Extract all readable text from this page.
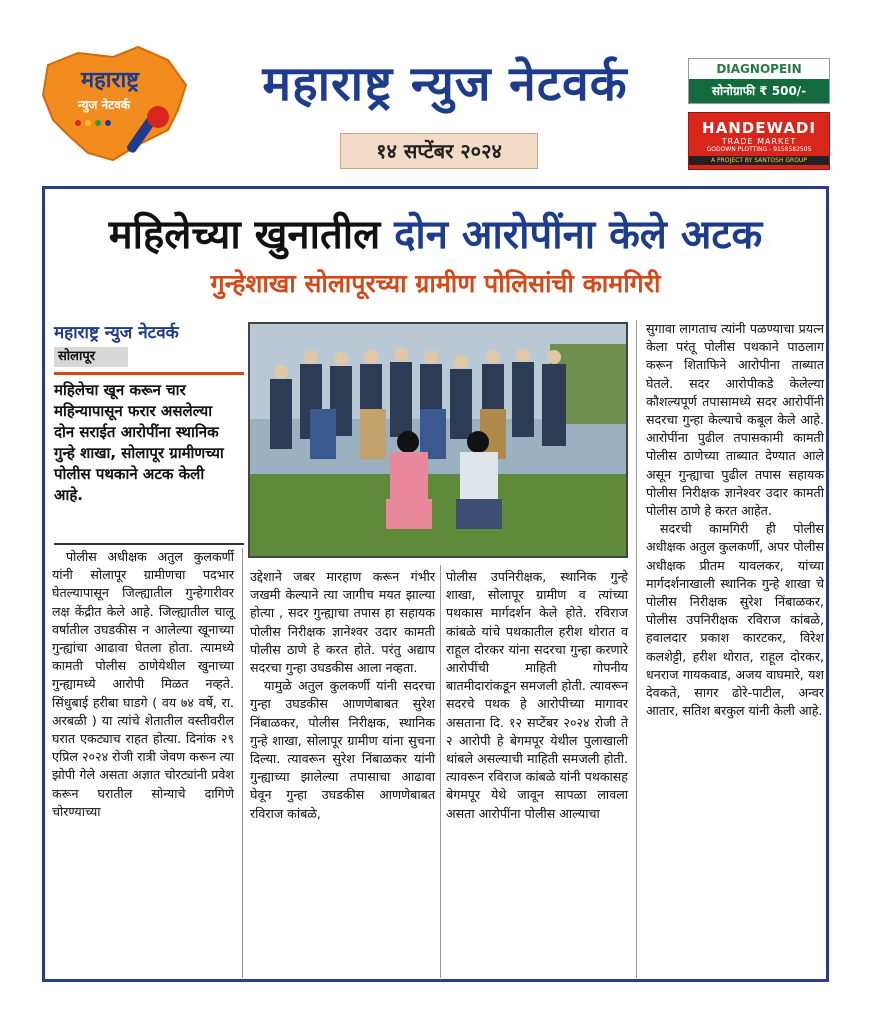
महाराष्ट्र
न्युज नेटवर्क	महाराष्ट्र न्युज नेटवर्क
१४ सप्टेंबर २०२४
DIAGNOPEIN
सोनोग्राफी ₹ 500/-
HANDEWADI
TRADE MARKET
GODOWN PLOTTING - 9158582505
A PROJECT BY SANTOSH GROUP
महिलेच्या खुनातील दोन आरोपींना केले अटक
गुन्हेशाखा सोलापूरच्या ग्रामीण पोलिसांची कामगिरी
महाराष्ट्र न्युज नेटवर्क
सोलापूर
महिलेचा खून करून चार महिन्यापासून फरार असलेल्या दोन सराईत आरोपींना स्थानिक गुन्हे शाखा, सोलापूर ग्रामीणच्या पोलीस पथकाने अटक केली आहे.

पोलीस अधीक्षक अतुल कुलकर्णी यांनी सोलापूर ग्रामीणचा पदभार घेतल्यापासून जिल्ह्यातील गुन्हेगारीवर लक्ष केंद्रीत केले आहे. जिल्ह्यातील चालू वर्षातील उघडकीस न आलेल्या खूनाच्या गुन्ह्यांचा आढावा घेतला होता. त्यामध्ये कामती पोलीस ठाणेयेथील खुनाच्या गुन्ह्यामध्ये आरोपी मिळत नव्हते. सिंधुबाई हरीबा घाडगे ( वय ७४ वर्षे, रा. अरबळी ) या त्यांचे शेतातील वस्तीवरील घरात एकट्याच राहत होत्या. दिनांक २९ एप्रिल २०२४ रोजी रात्री जेवण करून त्या झोपी गेले असता अज्ञात चोरट्यांनी प्रवेश करून घरातील सोन्याचे दागिणे चोरण्याच्या

उद्देशाने जबर मारहाण करून गंभीर जखमी केल्याने त्या जागीच मयत झाल्या होत्या , सदर गुन्ह्याचा तपास हा सहायक पोलीस निरीक्षक ज्ञानेश्वर उदार कामती पोलीस ठाणे हे करत होते. परंतु अद्याप सदरचा गुन्हा उघडकीस आला नव्हता.

यामुळे अतुल कुलकर्णी यांनी सदरचा गुन्हा उघडकीस आणणेबाबत सुरेश निंबाळकर, पोलीस निरीक्षक, स्थानिक गुन्हे शाखा, सोलापूर ग्रामीण यांना सुचना दिल्या. त्यावरून सुरेश निंबाळकर यांनी गुन्ह्याच्या झालेल्या तपासाचा आढावा घेवून गुन्हा उघडकीस आणणेबाबत रविराज कांबळे,

पोलीस उपनिरीक्षक, स्थानिक गुन्हे शाखा, सोलापूर ग्रामीण व त्यांच्या पथकास मार्गदर्शन केले होते. रविराज कांबळे यांचे पथकातील हरीश थोरात व राहूल दोरकर यांना सदरचा गुन्हा करणारे आरोपींची माहिती गोपनीय बातमीदारांकडून समजली होती. त्यावरून सदरचे पथक हे आरोपीच्या मागावर असताना दि. १२ सप्टेंबर २०२४ रोजी ते २ आरोपी हे बेगमपूर येथील पुलाखाली थांबले असल्याची माहिती समजली होती. त्यावरून रविराज कांबळे यांनी पथकासह बेगमपूर येथे जावून सापळा लावला असता आरोपींना पोलीस आल्याचा

सुगावा लागताच त्यांनी पळण्याचा प्रयत्न केला परंतू पोलीस पथकाने पाठलाग करून शिताफिने आरोपीना ताब्यात घेतले. सदर आरोपीकडे केलेल्या कौशल्यपूर्ण तपासामध्ये सदर आरोपींनी सदरचा गुन्हा केल्याचे कबूल केले आहे. आरोपींना पुढील तपासकामी कामती पोलीस ठाणेच्या ताब्यात देण्यात आले असून गुन्ह्याचा पुढील तपास सहायक पोलीस निरीक्षक ज्ञानेश्वर उदार कामती पोलीस ठाणे हे करत आहेत.

सदरची कामगिरी ही पोलीस अधीक्षक अतुल कुलकर्णी, अपर पोलीस अधीक्षक प्रीतम यावलकर, यांच्या मार्गदर्शनाखाली स्थानिक गुन्हे शाखा चे पोलीस निरीक्षक सुरेश निंबाळकर, पोलीस उपनिरीक्षक रविराज कांबळे, हवालदार प्रकाश कारटकर, विरेश कलशेट्टी, हरीश थोरात, राहूल दोरकर, धनराज गायकवाड, अजय वाघमारे, यश देवकते, सागर ढोरे-पाटील, अन्वर आतार, सतिश बरकुल यांनी केली आहे.
